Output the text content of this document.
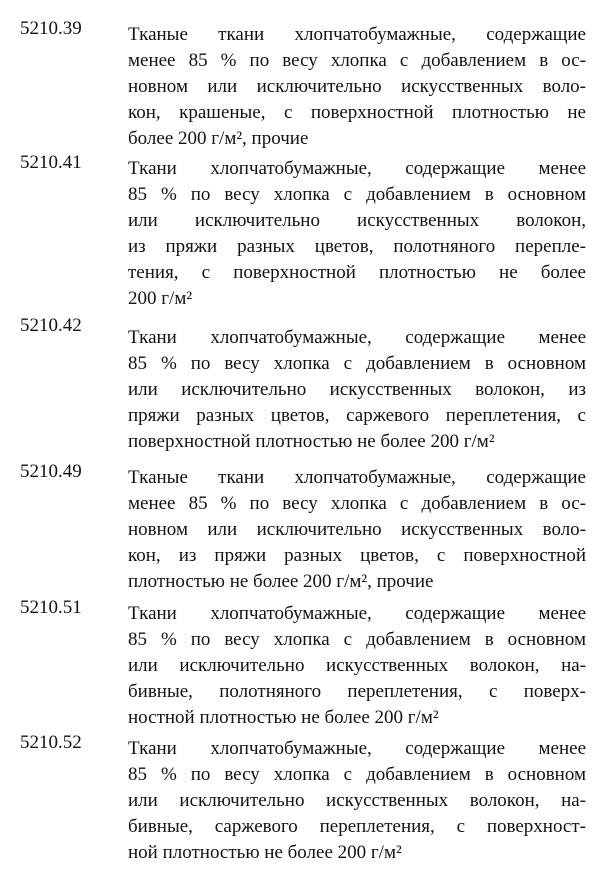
5210.39 Тканые ткани хлопчатобумажные, содержащие
менее 85 % по весу хлопка с добавлением в ос-
новном или исключительно искусственных воло-
кон, крашеные, с поверхностной плотностью не
более 200 г/м², прочие
5210.41 Ткани хлопчатобумажные, содержащие менее
85 % по весу хлопка с добавлением в основном
или исключительно искусственных волокон,
из пряжи разных цветов, полотняного перепле-
тения, с поверхностной плотностью не более
200 г/м²
5210.42
Ткани хлопчатобумажные, содержащие менее
85 % по весу хлопка с добавлением в основном
или исключительно искусственных волокон, из
пряжи разных цветов, саржевого переплетения, с
поверхностной плотностью не более 200 г/м²
5210.49 Тканые ткани хлопчатобумажные, содержащие
менее 85 % по весу хлопка с добавлением в ос-
новном или исключительно искусственных воло-
кон, из пряжи разных цветов, с поверхностной
плотностью не более 200 г/м², прочие
5210.51 Ткани хлопчатобумажные, содержащие менее
85 % по весу хлопка с добавлением в основном
или исключительно искусственных волокон, на-
бивные, полотняного переплетения, с поверх-
ностной плотностью не более 200 г/м²
5210.52 Ткани хлопчатобумажные, содержащие менее
85 % по весу хлопка с добавлением в основном
или исключительно искусственных волокон, на-
бивные, саржевого переплетения, с поверхност-
ной плотностью не более 200 г/м²
